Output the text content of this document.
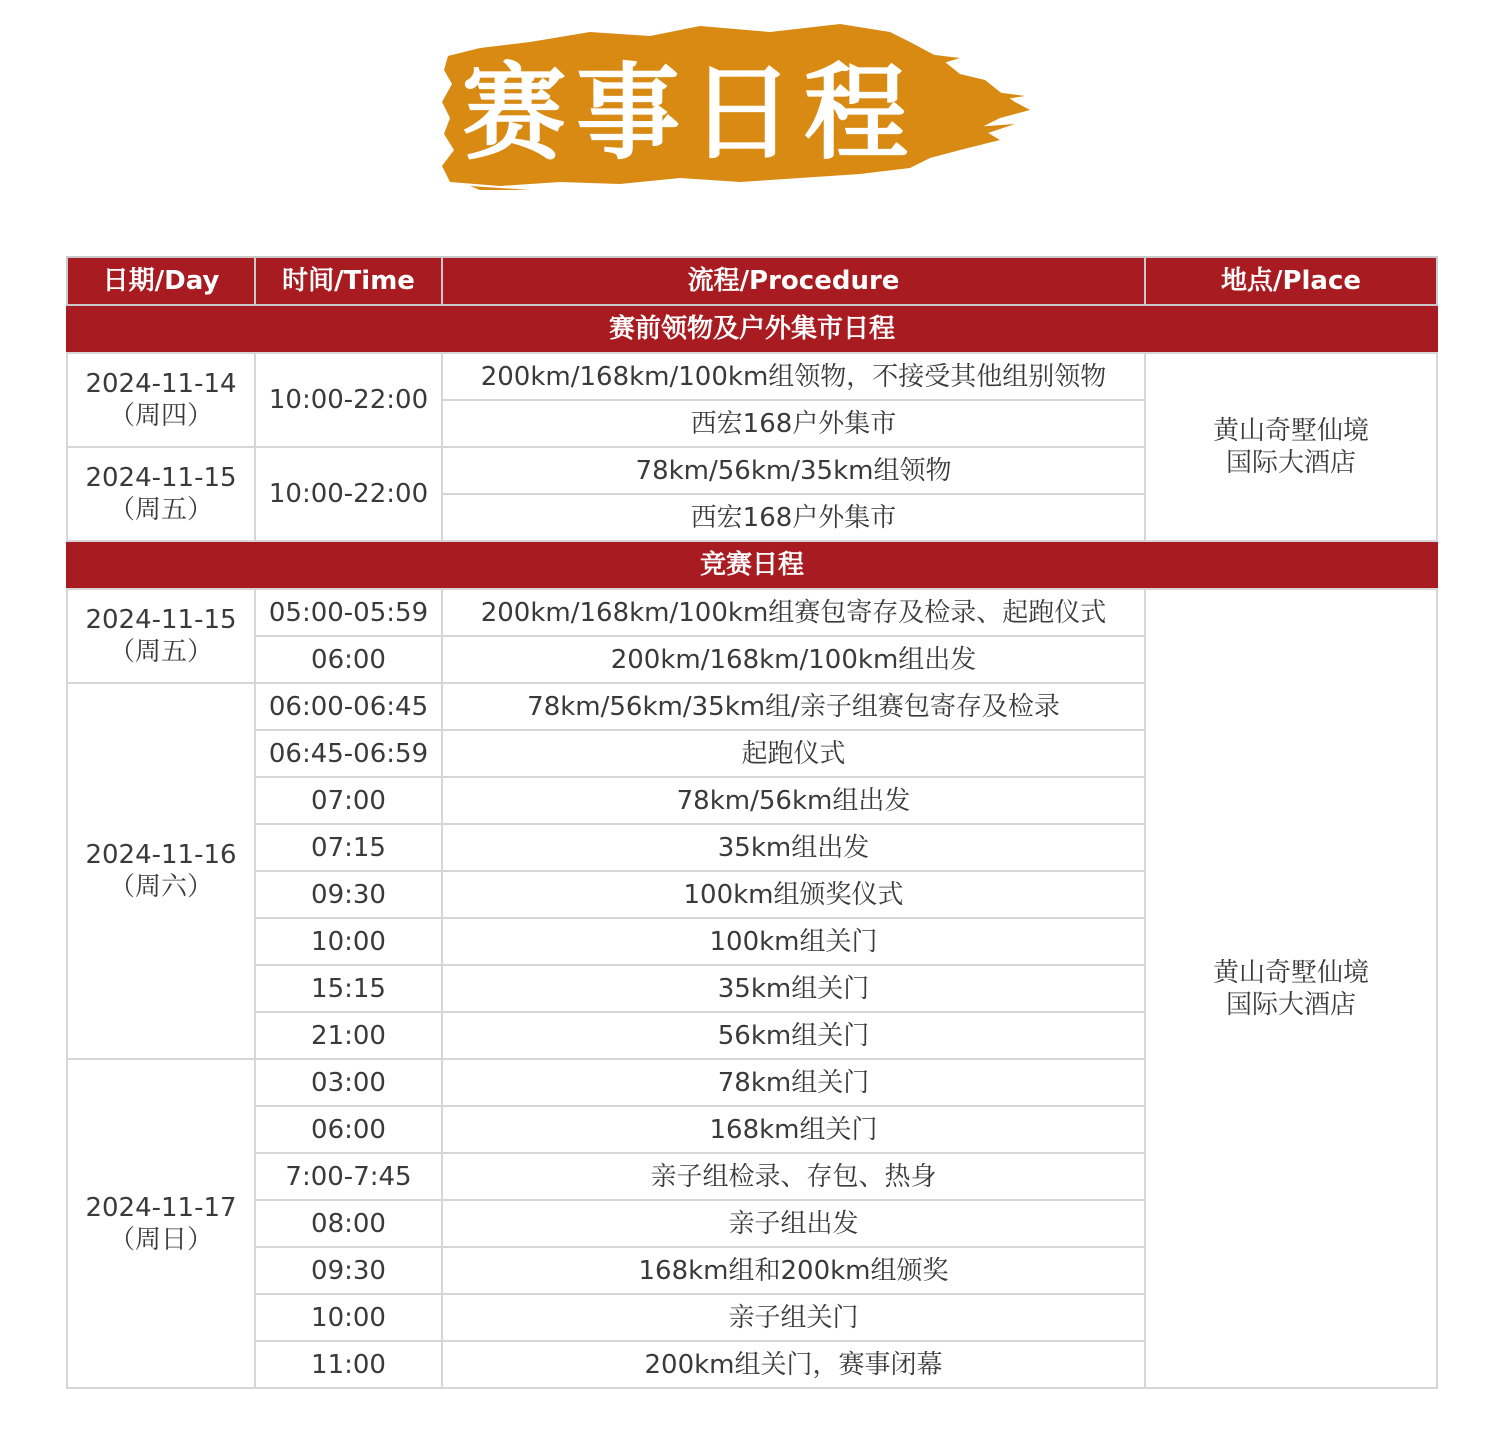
赛事日程
日期/Day	时间/Time	流程/Procedure	地点/Place
赛前领物及户外集市日程			

2024-11-14
（周四）	10:00-22:00	200km/168km/100km组领物，不接受其他组别领物	黄山奇墅仙境
国际大酒店

		西宏168户外集市	

2024-11-15
（周五）	10:00-22:00	78km/56km/35km组领物	
		西宏168户外集市	
竞赛日程			

2024-11-15
（周五）	05:00-05:59	200km/168km/100km组赛包寄存及检录、起跑仪式	黄山奇墅仙境
国际大酒店

	06:00	200km/168km/100km组出发	

2024-11-16
（周六）	06:00-06:45	78km/56km/35km组/亲子组赛包寄存及检录	
	06:45-06:59	起跑仪式	
	07:00	78km/56km组出发	
	07:15	35km组出发	
	09:30	100km组颁奖仪式	
	10:00	100km组关门	
	15:15	35km组关门	
	21:00	56km组关门	

2024-11-17
（周日）	03:00	78km组关门	
	06:00	168km组关门	
	7:00-7:45	亲子组检录、存包、热身	
	08:00	亲子组出发	
	09:30	168km组和200km组颁奖	
	10:00	亲子组关门	
	11:00	200km组关门，赛事闭幕	
